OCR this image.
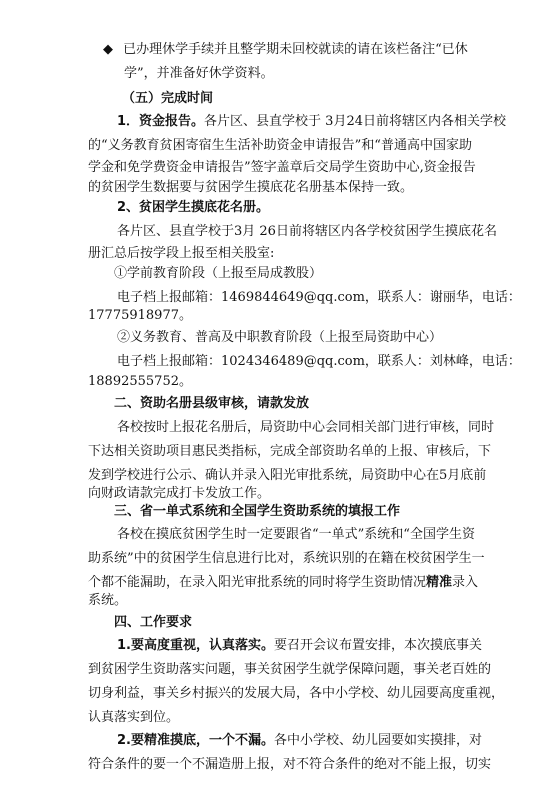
◆ 已办理休学手续并且整学期未回校就读的请在该栏备注“已休
学”，并准备好休学资料。
（五）完成时间
1．资金报告。各片区、县直学校于 3月24日前将辖区内各相关学校
的“义务教育贫困寄宿生生活补助资金申请报告”和“普通高中国家助
学金和免学费资金申请报告”签字盖章后交局学生资助中心,资金报告
的贫困学生数据要与贫困学生摸底花名册基本保持一致。
2、贫困学生摸底花名册。
各片区、县直学校于3月 26日前将辖区内各学校贫困学生摸底花名
册汇总后按学段上报至相关股室:
①学前教育阶段（上报至局成教股）
电子档上报邮箱：1469844649@qq.com，联系人：谢丽华，电话：
17775918977。
②义务教育、普高及中职教育阶段（上报至局资助中心）
电子档上报邮箱：1024346489@qq.com，联系人：刘林峰，电话：
18892555752。
二、资助名册县级审核，请款发放
各校按时上报花名册后，局资助中心会同相关部门进行审核，同时
下达相关资助项目惠民类指标，完成全部资助名单的上报、审核后，下
发到学校进行公示、确认并录入阳光审批系统，局资助中心在5月底前
向财政请款完成打卡发放工作。
三、省一单式系统和全国学生资助系统的填报工作
各校在摸底贫困学生时一定要跟省“一单式”系统和“全国学生资
助系统”中的贫困学生信息进行比对，系统识别的在籍在校贫困学生一
个都不能漏助，在录入阳光审批系统的同时将学生资助情况精准录入
系统。
四、工作要求
1.要高度重视，认真落实。要召开会议布置安排，本次摸底事关
到贫困学生资助落实问题，事关贫困学生就学保障问题，事关老百姓的
切身利益，事关乡村振兴的发展大局，各中小学校、幼儿园要高度重视，
认真落实到位。
2.要精准摸底，一个不漏。各中小学校、幼儿园要如实摸排，对
符合条件的要一个不漏造册上报，对不符合条件的绝对不能上报，切实
